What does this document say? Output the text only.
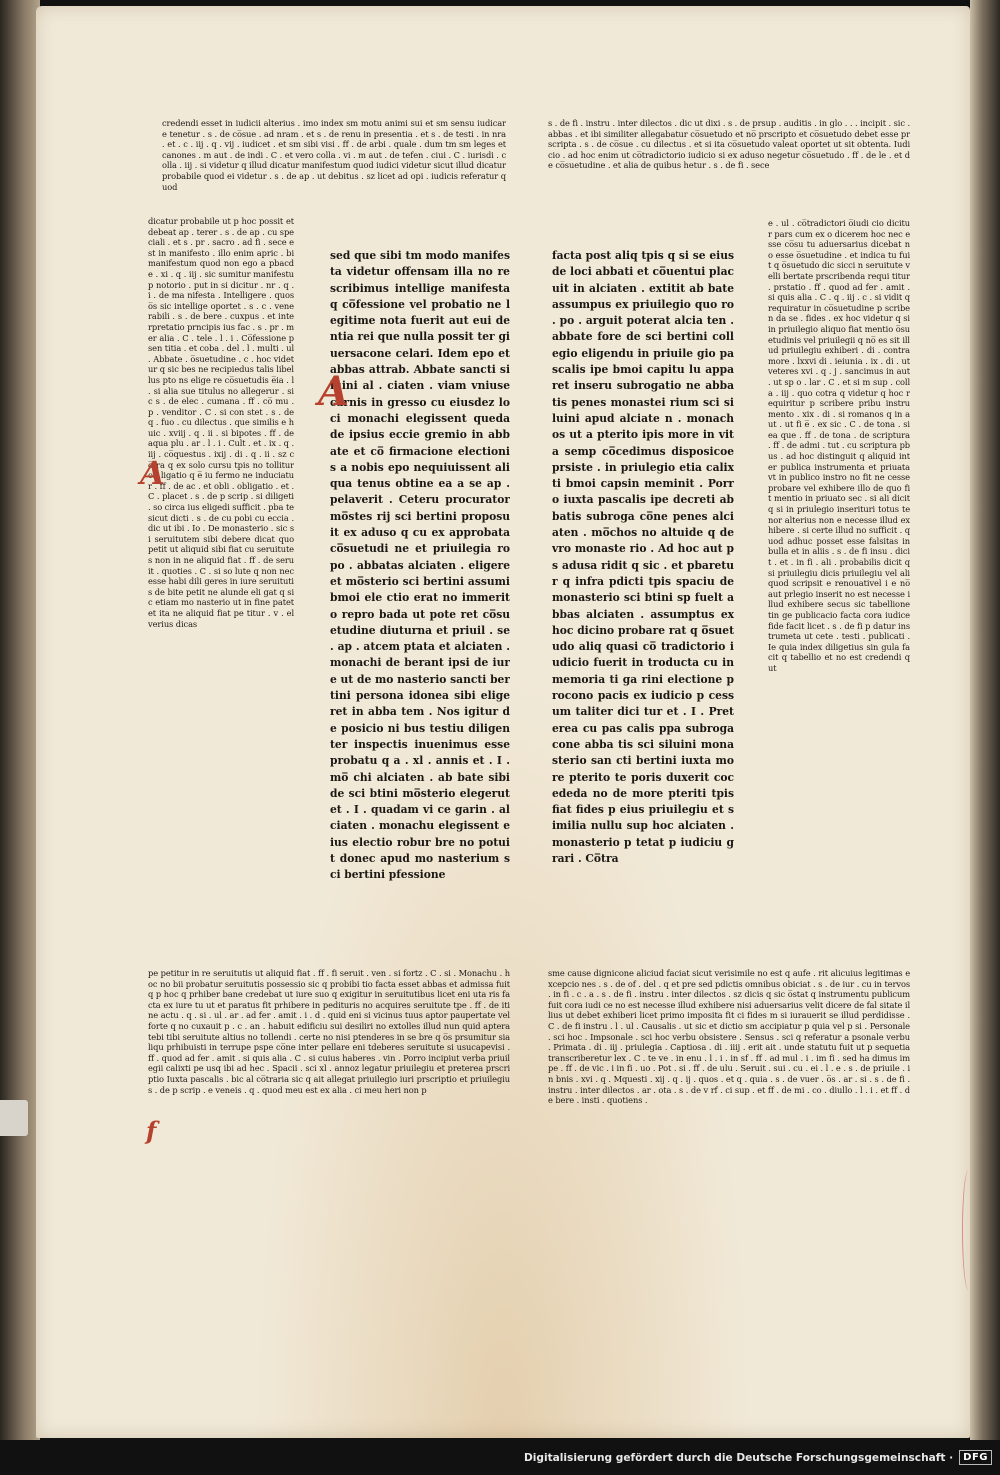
credendi esset in iudicii alterius . imo index sm motu animi sui et sm sensu iudicare tenetur . s . de co̅sue . ad nram . et s . de renu in presentia . et s . de testi . in nra . et . c . iij . q . vij . iudicet . et sm sibi visi . ff . de arbi . quale . dum tm sm leges et canones . m aut . de indi . C . et vero colla . vi . m aut . de tefen . ciui . C . iurisdi . colla . iij . si videtur q illud dicatur manifestum quod iudici videtur sicut illud dicatur probabile quod ei videtur . s . de ap . ut debitus . sz licet ad opi . iudicis referatur quod
s . de fi . instru . inter dilectos . dic ut dixi . s . de prsup . auditis . in glo . . . incipit . sic . abbas . et ibi similiter allegabatur co̅suetudo et no̅ prscripto et co̅suetudo debet esse prscripta . s . de co̅sue . cu dilectus . et si ita co̅suetudo valeat oportet ut sit obtenta. Iudicio . ad hoc enim ut co̅tradictorio iudicio si ex aduso negetur co̅suetudo . ff . de le . et de co̅suetudine . et alia de quibus hetur . s . de fi . sece
dicatur probabile ut p hoc possit et debeat ap . terer . s . de ap . cu speciali . et s . pr . sacro . ad fi . sece est in manifesto . illo enim apric . bi manifestum quod non ego a pbacde . xi . q . iij . sic sumitur manifestu p notorio . put in si dicitur . nr . q . i . de ma nifesta . Intelligere . quos o̅s sic intellige oportet . s . c . venerabili . s . de bere . cuxpus . et interpretatio prncipis ius fac . s . pr . mer alia . C . tele . l . i . Co̅fessione p sen titia . et coba . del . l . multi . ul . Abbate . o̅suetudine . c . hoc videtur q sic bes ne recipiedus talis libel lus pto ns elige re co̅suetudis e̅ia . l . si alia sue titulus no allegerur . sic s . de elec . cumana . ff . co̅ mu . p . venditor . C . si con stet . s . de q . fuo . cu dilectus . que similis e huic . xviij . q . ii . si bipotes . ff . de aqua plu . ar . l . i . Cult . et . ix . q . iij . co̅questus . ixij . di . q . ii . sz co̅tra q ex solo cursu tpis no tollitur ob ligatio q e̅ iu fermo ne induciatur . ff . de ac . et obli . obligatio . et . C . placet . s . de p scrip . si diligeti . so circa ius eligedi sufficit . pba te sicut dicti . s . de cu pobi cu eccia . dic ut ibi . Io . De monasterio . sic si seruitutem sibi debere dicat quo petit ut aliquid sibi fiat cu seruitutes non in ne aliquid fiat . ff . de seruit . quoties . C . si so lute q non necesse habi dili geres in iure seruitutis de bite petit ne alunde eli gat q sic etiam mo nasterio ut in fine patet et ita ne aliquid fiat pe titur . v . el verius dicas
sed que sibi tm modo manifesta videtur offensam illa no rescribimus intellige manifesta q co̅fessione vel probatio ne legitime nota fuerit aut eui dentia rei que nulla possit ter giuersacone celari. Idem epo et abbas attrab. Abbate sancti siluini al . ciaten . viam vniuse carnis in gresso cu eiusdez loci monachi elegissent queda de ipsius eccie gremio in abbate et co̅ firmacione electionis a nobis epo nequiuissent aliqua tenus obtine ea a se ap . pelaverit . Ceteru procurator mo̅stes rij sci bertini proposuit ex aduso q cu ex approbata co̅suetudi ne et priuilegia ro po . abbatas alciaten . eligere et mo̅sterio sci bertini assumi bmoi ele ctio erat no immerito repro bada ut pote ret co̅suetudine diuturna et priuil . se . ap . atcem ptata et alciaten . monachi de berant ipsi de iure ut de mo nasterio sancti bertini persona idonea sibi eligeret in abba tem . Nos igitur de posicio ni bus testiu diligenter inspectis inuenimus esse probatu q a . xl . annis et . I . mo̅ chi alciaten . ab bate sibi de sci btini mo̅sterio elegerut et . I . quadam vi ce garin . alciaten . monachu elegissent eius electio robur bre no potuit donec apud mo nasterium sci bertini pfessione
facta post aliq tpis q si se eiusde loci abbati et co̅uentui placuit in alciaten . extitit ab bate assumpus ex priuilegio quo ro . po . arguit poterat alcia ten . abbate fore de sci bertini collegio eligendu in priuile gio pascalis ipe bmoi capitu lu apparet inseru subrogatio ne abbatis penes monastei rium sci siluini apud alciate n . monachos ut a pterito ipis more in vita semp co̅cedimus disposicoe prsiste . in priulegio etia calixti bmoi capsin meminit . Porro iuxta pascalis ipe decreti abbatis subroga co̅ne penes alciaten . mo̅chos no altuide q de vro monaste rio . Ad hoc aut ps adusa ridit q sic . et pbaretur q infra pdicti tpis spaciu de monasterio sci btini sp fuelt abbas alciaten . assumptus ex hoc dicino probare rat q o̅suetudo aliq quasi co̅ tradictorio iudicio fuerit in troducta cu in memoria ti ga rini electione procono pacis ex iudicio p cessum taliter dici tur et . I . Preterea cu pas calis ppa subrogacone abba tis sci siluini monasterio san cti bertini iuxta more pterito te poris duxerit cocededa no de more pteriti tpis fiat fides p eius priuilegiu et similia nullu sup hoc alciaten . monasterio p tetat p iudiciu grari . Co̅tra
e . ul . co̅tradictori o̅iudi cio dicitur pars cum ex o dicerem hoc nec esse co̅su tu aduersarius dicebat no esse o̅suetudine . et indica tu fuit q o̅suetudo dic sicci n seruitute velli bertate prscribenda requi titur . prstatio . ff . quod ad fer . amit . si quis alia . C . q . iij . c . si vidit q requiratur in co̅suetudine p scriben da se . fides . ex hoc videtur q si in priuilegio aliquo fiat mentio o̅suetudinis vel priuilegii q no̅ es sit illud priuilegiu exhiberi . di . contra more . lxxvi di . ieiunia . ix . di . ut veteres xvi . q . j . sancimus in aut . ut sp o . lar . C . et si m sup . colla . iij . quo cotra q videtur q hoc requiritur p scribere pribu instru mento . xix . di . si romanos q in aut . ut fi e̅ . ex sic . C . de tona . si ea que . ff . de tona . de scriptura . ff . de admi . tut . cu scriptura pbus . ad hoc distinguit q aliquid inter publica instrumenta et priuata vt in publico instro no fit ne cesse probare vel exhibere illo de quo fit mentio in priuato sec . si ali dicit q si in priulegio inserituri totus tenor alterius non e necesse illud exhibere . si certe illud no sufficit . quod adhuc posset esse falsitas in bulla et in aliis . s . de fi insu . dicit . et . in fi . ali . probabilis dicit q si priuilegiu dicis priuilegiu vel aliquod scripsit e renouativel i e no̅ aut prlegio inserit no est necesse illud exhibere secus sic tabellione tin ge publicacio facta cora iudice fide facit licet . s . de fi p datur instrumeta ut cete . testi . publicati . Ie quia index diligetius sin gula facit q tabellio et no est credendi q ut
pe petitur in re seruitutis ut aliquid fiat . ff . fi seruit . ven . si fortz . C . si . Monachu . hoc no bii probatur seruitutis possessio sic q probibi tio facta esset abbas et admissa fuit q p hoc q prhiber bane credebat ut iure suo q exigitur in seruitutibus licet eni uta ris facta ex iure tu ut et paratus fit prhibere in pedituris no acquires seruitute tpe . ff . de itine actu . q . si . ul . ar . ad fer . amit . i . d . quid eni si vicinus tuus aptor paupertate vel forte q no cuxauit p . c . an . habuit edificiu sui desiliri no extolles illud nun quid aptera tebi tibi seruitute altius no tollendi . certe no nisi ptenderes in se bre q o̅s prsumitur sialiqu prhibuisti in terrupe pspe co̅ne inter pellare eni tdeberes seruitute si usucapevisi . ff . quod ad fer . amit . si quis alia . C . si cuius haberes . vin . Porro incipiut verba priuilegii calixti pe usq ibi ad hec . Spacii . sci xl . annoz legatur priuilegiu et preterea prscriptio Iuxta pascalis . bic al co̅traria sic q ait allegat priuilegio iuri prscriptio et priuilegiu s . de p scrip . e veneis . q . quod meu est ex alia . ci meu heri non p
sme cause dignicone aliciud faciat sicut verisimile no est q aufe . rit alicuius legitimas excepcio nes . s . de of . del . q et pre sed pdictis omnibus obiciat . s . de iur . cu in tervos . in fi . c . a . s . de fi . instru . inter dilectos . sz dicis q sic o̅stat q instrumentu publicum fuit cora iudi ce no est necesse illud exhibere nisi aduersarius velit dicere de fal sitate illius ut debet exhiberi licet primo imposita fit ci fides m si iurauerit se illud perdidisse . C . de fi instru . l . ul . Causalis . ut sic et dictio sm accipiatur p quia vel p si . Personale . sci hoc . Impsonale . sci hoc verbu obsistere . Sensus . sci q referatur a psonale verbu . Primata . di . iij . priulegia . Captiosa . di . iiij . erit ait . unde statutu fuit ut p sequetia transcriberetur lex . C . te ve . in enu . l . i . in sf . ff . ad mul . i . im fi . sed ha dimus impe . ff . de vic . i in fi . uo . Pot . si . ff . de ulu . Seruit . sui . cu . ei . l . e . s . de priuile . in bnis . xvi . q . Mquesti . xij . q . ij . quos . et q . quia . s . de vuer . o̅s . ar . si . s . de fi . instru . inter dilectos . ar . ota . s . de v rf . ci sup . et ff . de mi . co . diullo . l . i . et ff . de bere . insti . quotiens .
A
A
f
Digitalisierung gefördert durch die Deutsche Forschungsgemeinschaft ·	DFG
